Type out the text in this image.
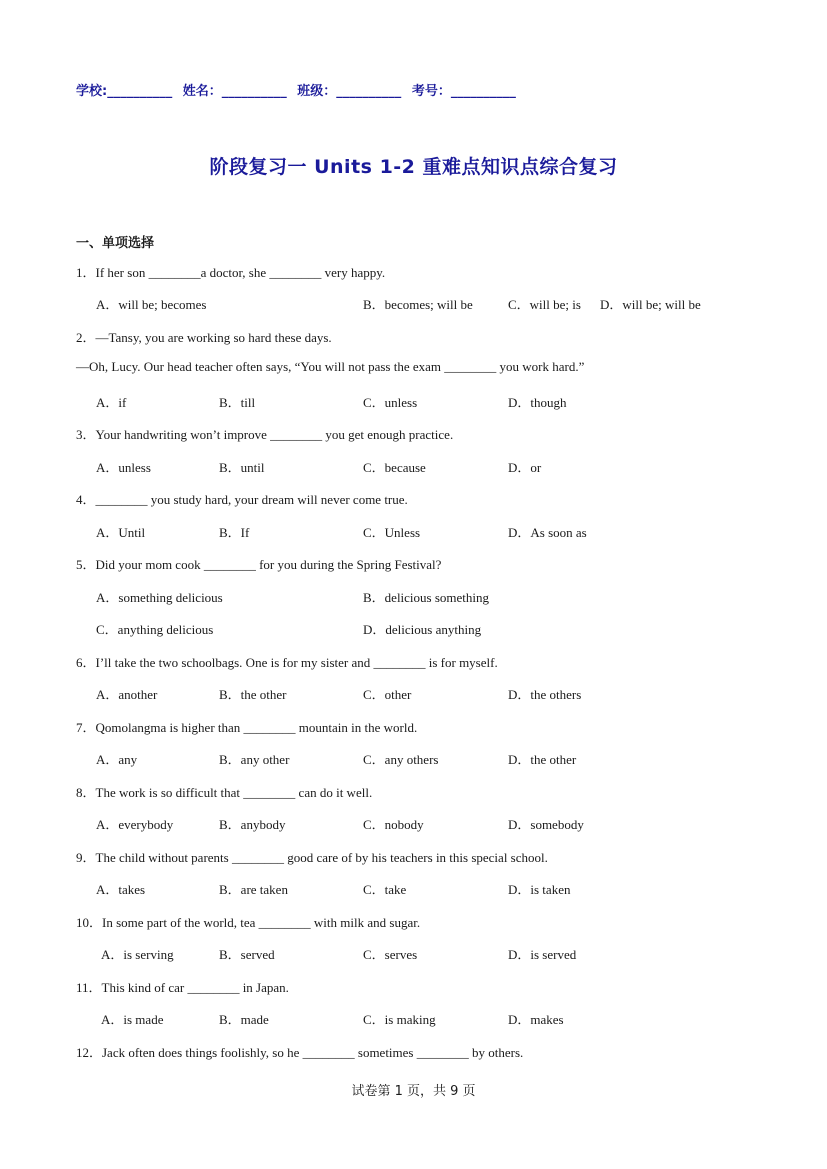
学校:__________ 姓名：__________ 班级：__________ 考号：__________
阶段复习一 Units 1-2 重难点知识点综合复习
一、单项选择
1．If her son ________a doctor, she ________ very happy.
A．will be; becomes	B．becomes; will be	C．will be; is D．will be; will be
2．—Tansy, you are working so hard these days.
—Oh, Lucy. Our head teacher often says, “You will not pass the exam ________ you work hard.”
A．if	B．till	C．unless	D．though
3．Your handwriting won’t improve ________ you get enough practice.
A．unless	B．until	C．because	D．or
4．________ you study hard, your dream will never come true.
A．Until	B．If	C．Unless	D．As soon as
5．Did your mom cook ________ for you during the Spring Festival?
A．something delicious	B．delicious something
C．anything delicious	D．delicious anything
6．I’ll take the two schoolbags. One is for my sister and ________ is for myself.
A．another	B．the other	C．other	D．the others
7．Qomolangma is higher than ________ mountain in the world.
A．any	B．any other	C．any others	D．the other
8．The work is so difficult that ________ can do it well.
A．everybody	B．anybody	C．nobody	D．somebody
9．The child without parents ________ good care of by his teachers in this special school.
A．takes	B．are taken	C．take	D．is taken
10．In some part of the world, tea ________ with milk and sugar.
A．is serving	B．served	C．serves	D．is served
11．This kind of car ________ in Japan.
A．is made	B．made	C．is making	D．makes
12．Jack often does things foolishly, so he ________ sometimes ________ by others.
试卷第 1 页，共 9 页
